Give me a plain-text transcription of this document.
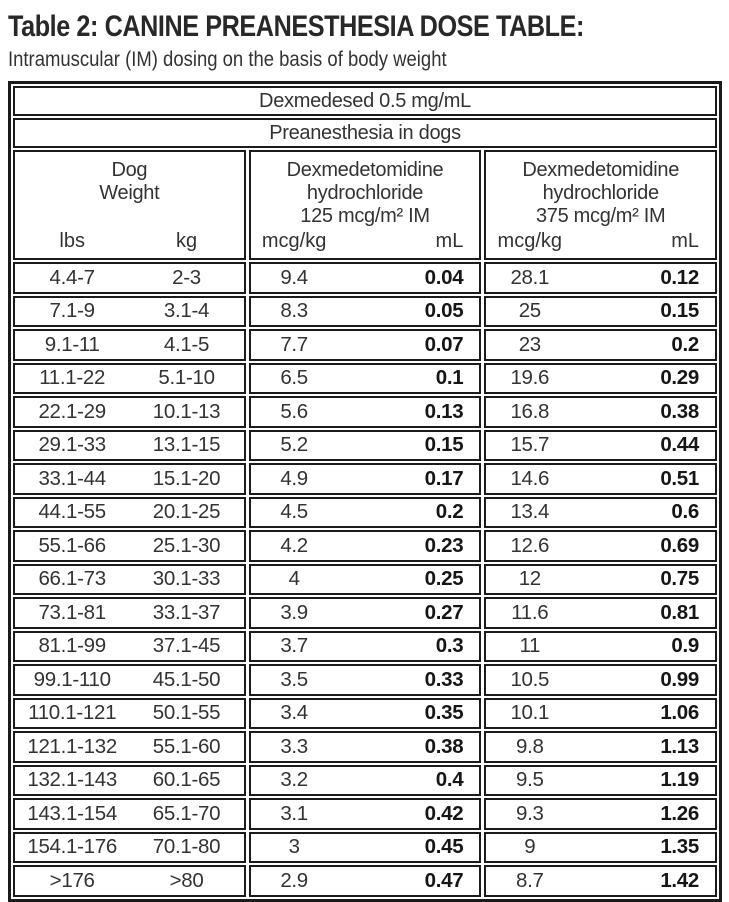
Table 2: CANINE PREANESTHESIA DOSE TABLE:
Intramuscular (IM) dosing on the basis of body weight
Dexmedesed 0.5 mg/mL
Preanesthesia in dogs
Dog
Weight
lbs	kg
Dexmedetomidine
hydrochloride
125 mcg/m² IM
mcg/kg	mL
Dexmedetomidine
hydrochloride
375 mcg/m² IM
mcg/kg	mL
4.4-7	2-3	9.4	0.04	28.1	0.12
7.1-9	3.1-4	8.3	0.05	25	0.15
9.1-11	4.1-5	7.7	0.07	23	0.2
11.1-22	5.1-10	6.5	0.1	19.6	0.29
22.1-29	10.1-13	5.6	0.13	16.8	0.38
29.1-33	13.1-15	5.2	0.15	15.7	0.44
33.1-44	15.1-20	4.9	0.17	14.6	0.51
44.1-55	20.1-25	4.5	0.2	13.4	0.6
55.1-66	25.1-30	4.2	0.23	12.6	0.69
66.1-73	30.1-33	4	0.25	12	0.75
73.1-81	33.1-37	3.9	0.27	11.6	0.81
81.1-99	37.1-45	3.7	0.3	11	0.9
99.1-110	45.1-50	3.5	0.33	10.5	0.99
110.1-121	50.1-55	3.4	0.35	10.1	1.06
121.1-132	55.1-60	3.3	0.38	9.8	1.13
132.1-143	60.1-65	3.2	0.4	9.5	1.19
143.1-154	65.1-70	3.1	0.42	9.3	1.26
154.1-176	70.1-80	3	0.45	9	1.35
>176	>80	2.9	0.47	8.7	1.42
